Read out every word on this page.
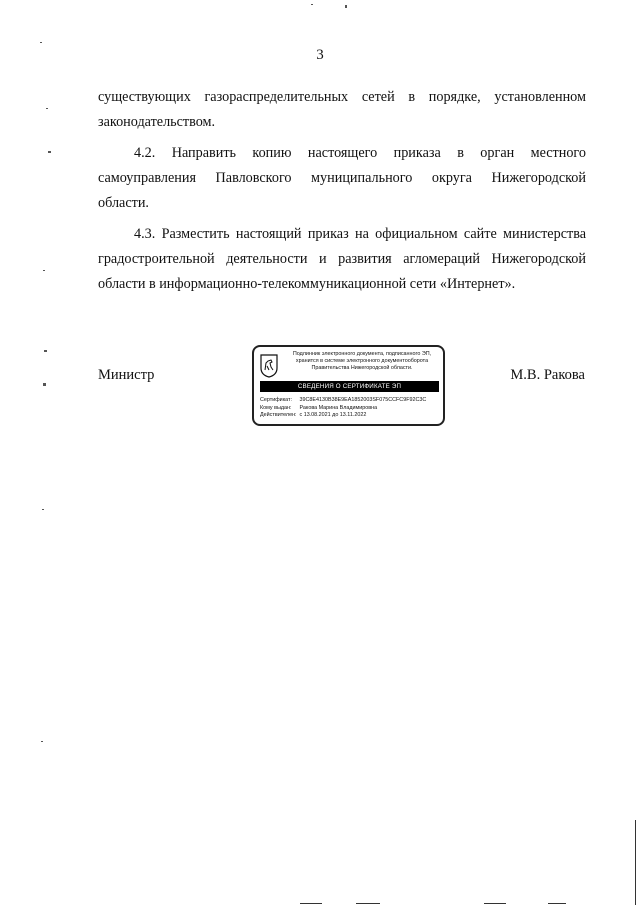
3
существующих газораспределительных сетей в порядке, установленном
законодательством.
4.2. Направить копию настоящего приказа в орган местного
самоуправления Павловского муниципального округа Нижегородской
области.
4.3. Разместить настоящий приказ на официальном сайте министерства
градостроительной деятельности и развития агломераций Нижегородской
области в информационно-телекоммуникационной сети «Интернет».
Министр	М.В. Ракова
Подлинник электронного документа, подписанного ЭП,
хранится в системе электронного документооборота
Правительства Нижегородской области.
СВЕДЕНИЯ О СЕРТИФИКАТЕ ЭП
Сертификат: 39C8E4130B38E9EA1852003SF075CCFC9F92C3C
Кому выдан: Ракова Марина Владимировна
Действителен: с 13.08.2021 до 13.11.2022
